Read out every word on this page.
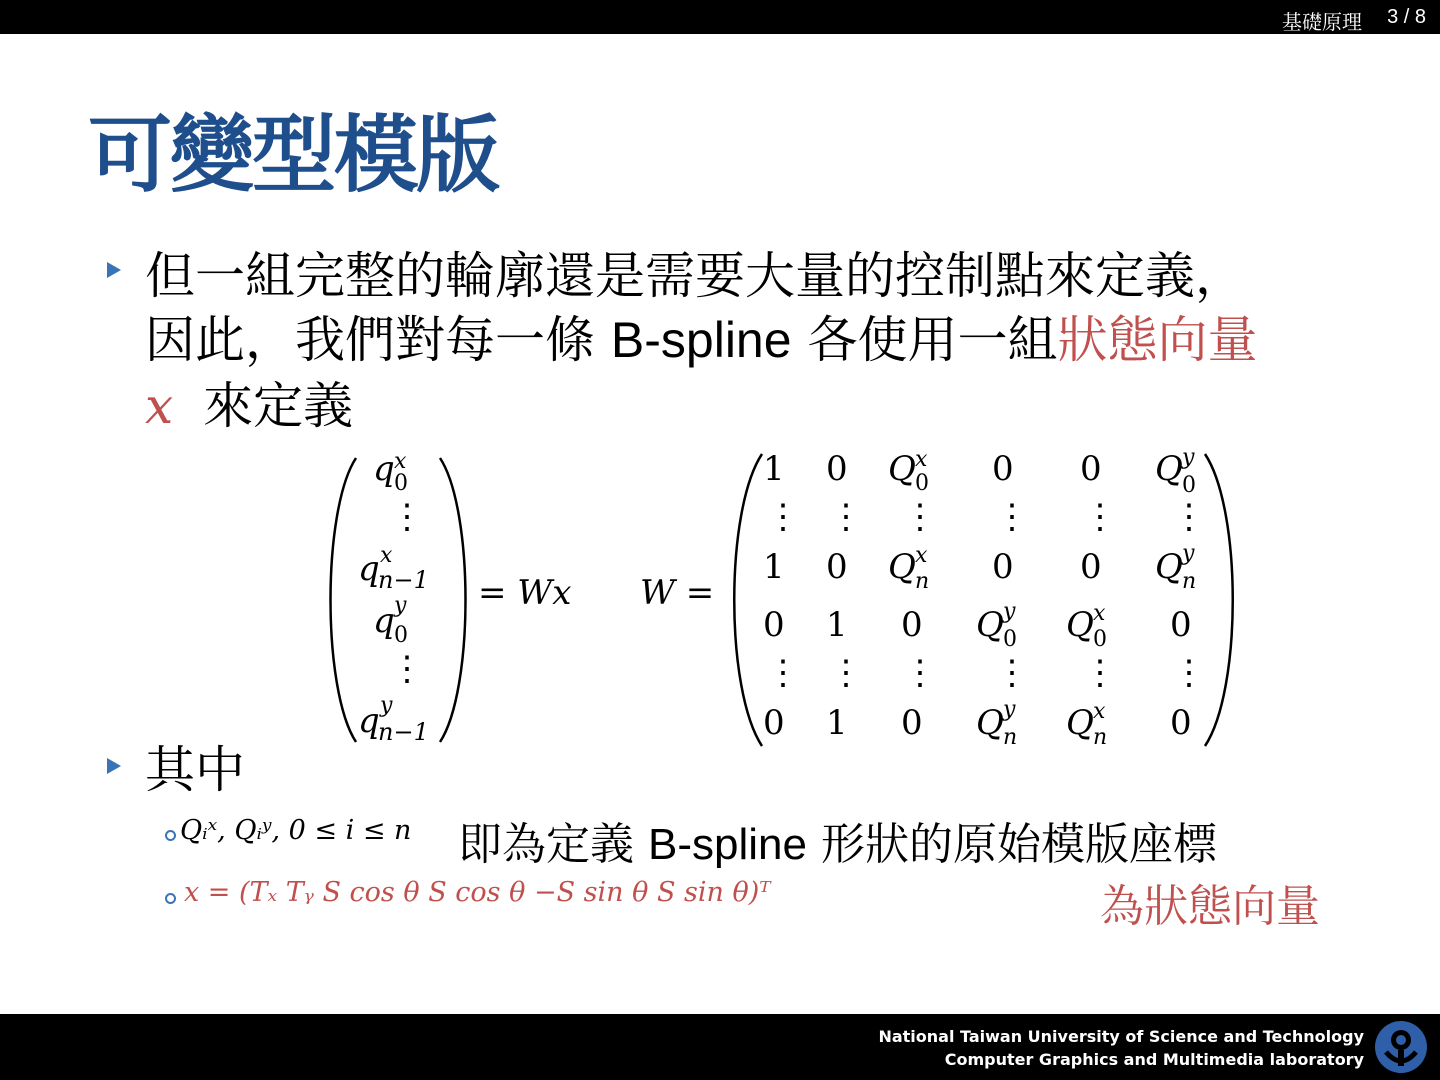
基礎原理 3 / 8
可變型模版
但一組完整的輪廓還是需要大量的控制點來定義，
因此，我們對每一條 B-spline 各使用一組狀態向量
x 來定義
q x
0
⋮
q x
n−1
q y
0
⋮
q y
n−1
= Wx W =
1 0 Q x
0 0 0 Q y
0
⋮ ⋮ ⋮ ⋮ ⋮ ⋮
1 0 Q x
n 0 0 Q y
n
0 1 0 Q y
0 Q x
0 0
⋮ ⋮ ⋮ ⋮ ⋮ ⋮
0 1 0 Q y
n Q x
n 0
其中
Qᵢˣ, Qᵢʸ, 0 ≤ i ≤ n 即為定義 B-spline 形狀的原始模版座標
x = (Tₓ Tᵧ S cos θ S cos θ −S sin θ S sin θ)ᵀ	為狀態向量
National Taiwan University of Science and Technology
Computer Graphics and Multimedia laboratory
